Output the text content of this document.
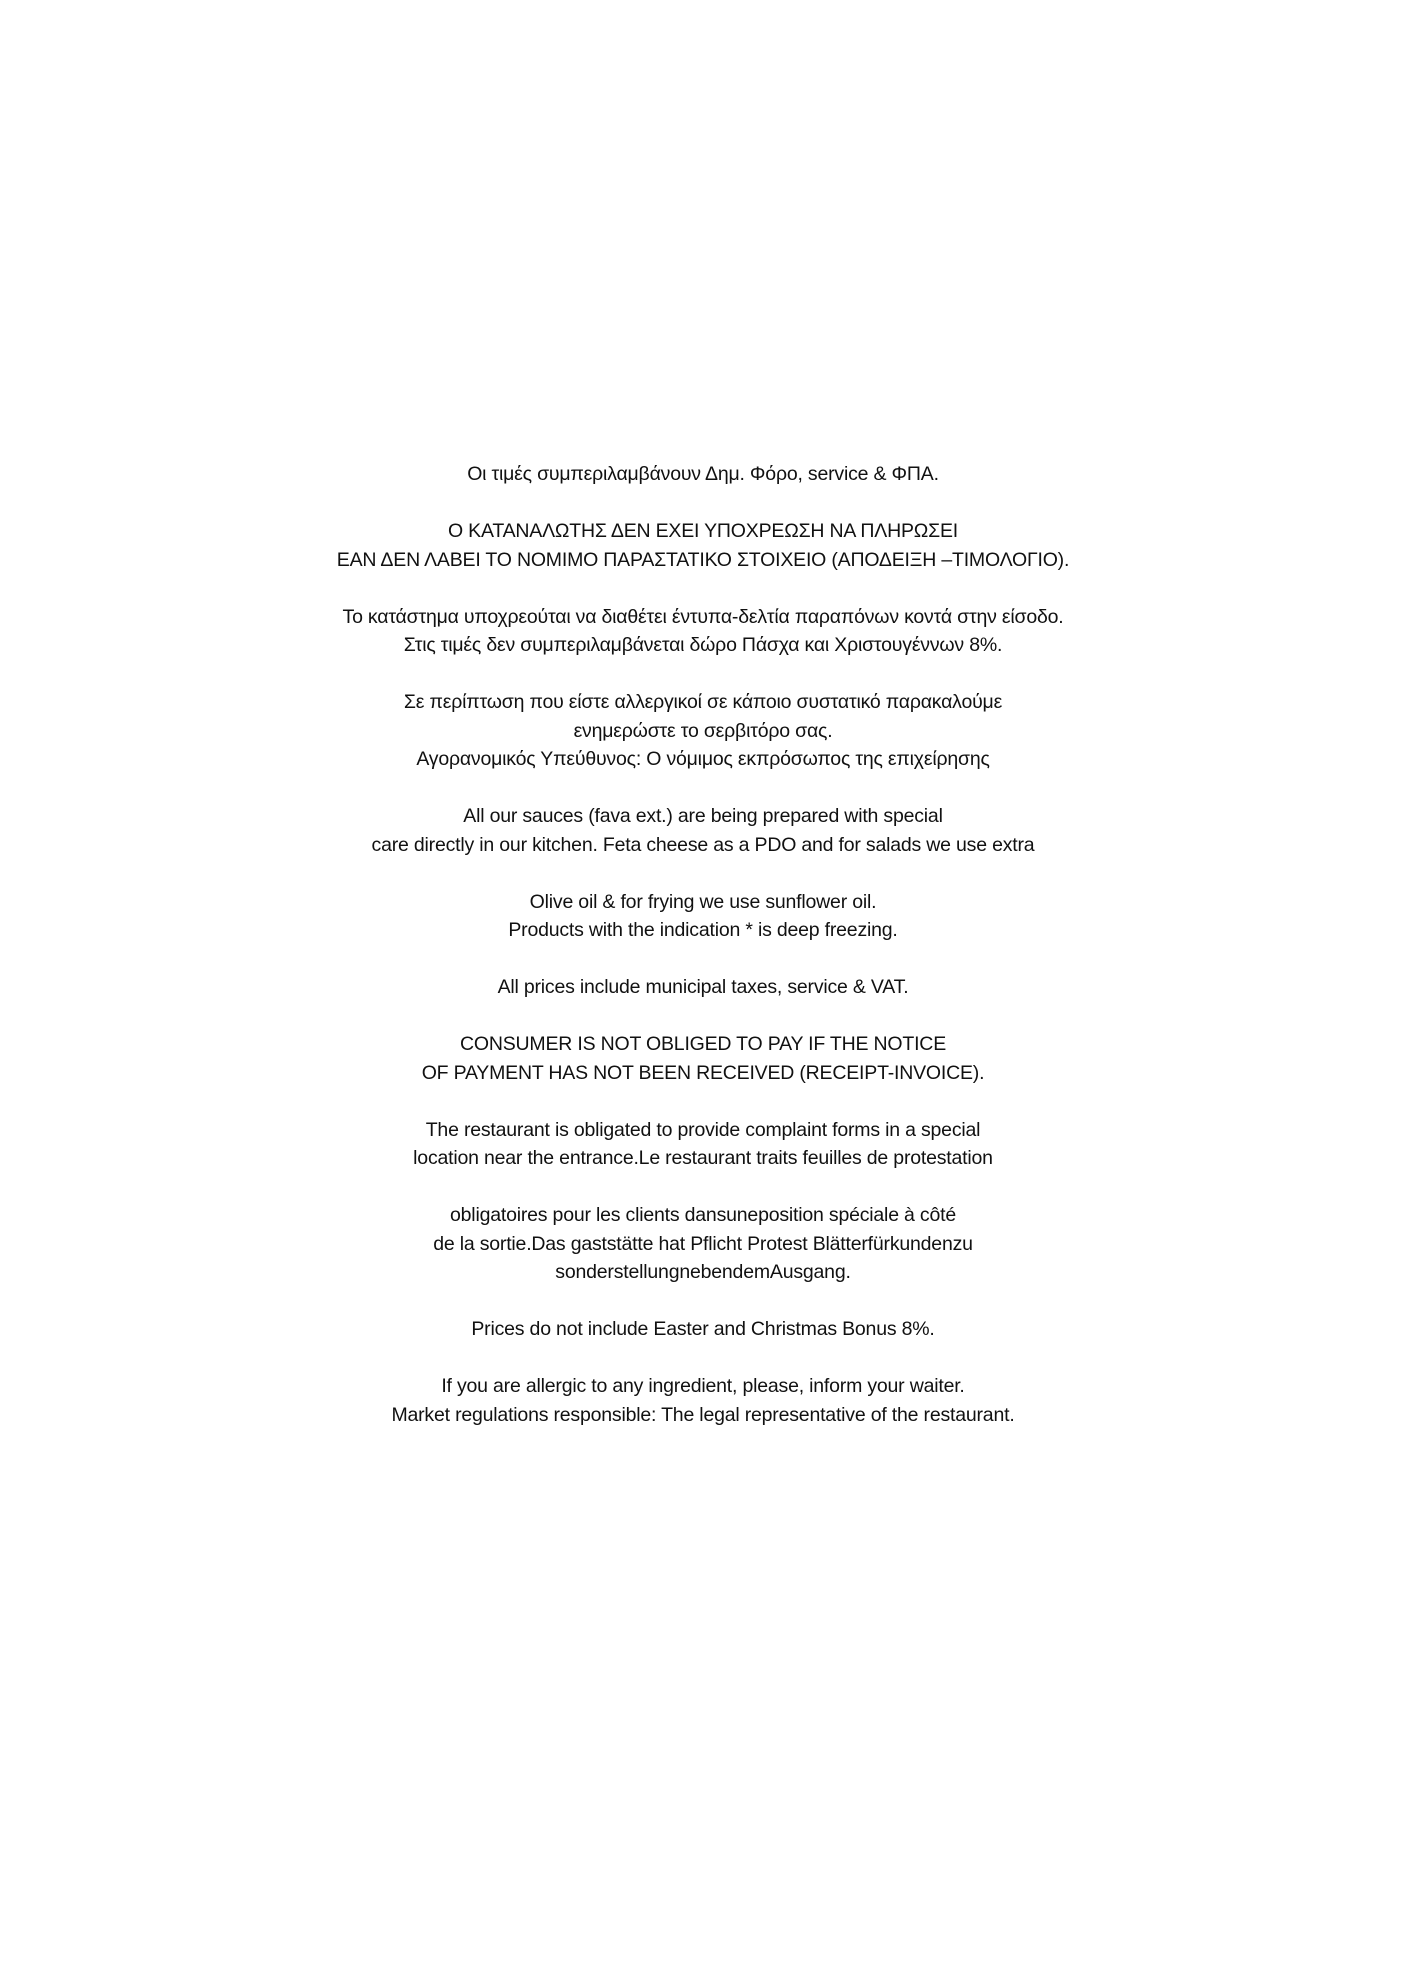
Οι τιμές συμπεριλαμβάνουν Δημ. Φόρο, service & ΦΠΑ.
Ο ΚΑΤΑΝΑΛΩΤΗΣ ΔΕΝ ΕΧΕΙ ΥΠΟΧΡΕΩΣΗ ΝΑ ΠΛΗΡΩΣΕΙ
ΕΑΝ ΔΕΝ ΛΑΒΕΙ ΤΟ ΝΟΜΙΜΟ ΠΑΡΑΣΤΑΤΙΚΟ ΣΤΟΙΧΕΙΟ (ΑΠΟΔΕΙΞΗ –ΤΙΜΟΛΟΓΙΟ).
Το κατάστημα υποχρεούται να διαθέτει έντυπα-δελτία παραπόνων κοντά στην είσοδο.
Στις τιμές δεν συμπεριλαμβάνεται δώρο Πάσχα και Χριστουγέννων 8%.
Σε περίπτωση που είστε αλλεργικοί σε κάποιο συστατικό παρακαλούμε
ενημερώστε το σερβιτόρο σας.
Αγορανομικός Υπεύθυνος: Ο νόμιμος εκπρόσωπος της επιχείρησης
All our sauces (fava ext.) are being prepared with special
care directly in our kitchen. Feta cheese as a PDO and for salads we use extra
Olive oil & for frying we use sunflower oil.
Products with the indication * is deep freezing.
All prices include municipal taxes, service & VAT.
CONSUMER IS NOT OBLIGED TO PAY IF THE NOTICE
OF PAYMENT HAS NOT BEEN RECEIVED (RECEIPT-INVOICE).
The restaurant is obligated to provide complaint forms in a special
location near the entrance.Le restaurant traits feuilles de protestation
obligatoires pour les clients dansuneposition spéciale à côté
de la sortie.Das gaststätte hat Pflicht Protest Blätterfürkundenzu
sonderstellungnebendemAusgang.
Prices do not include Easter and Christmas Bonus 8%.
If you are allergic to any ingredient, please, inform your waiter.
Market regulations responsible: The legal representative of the restaurant.
